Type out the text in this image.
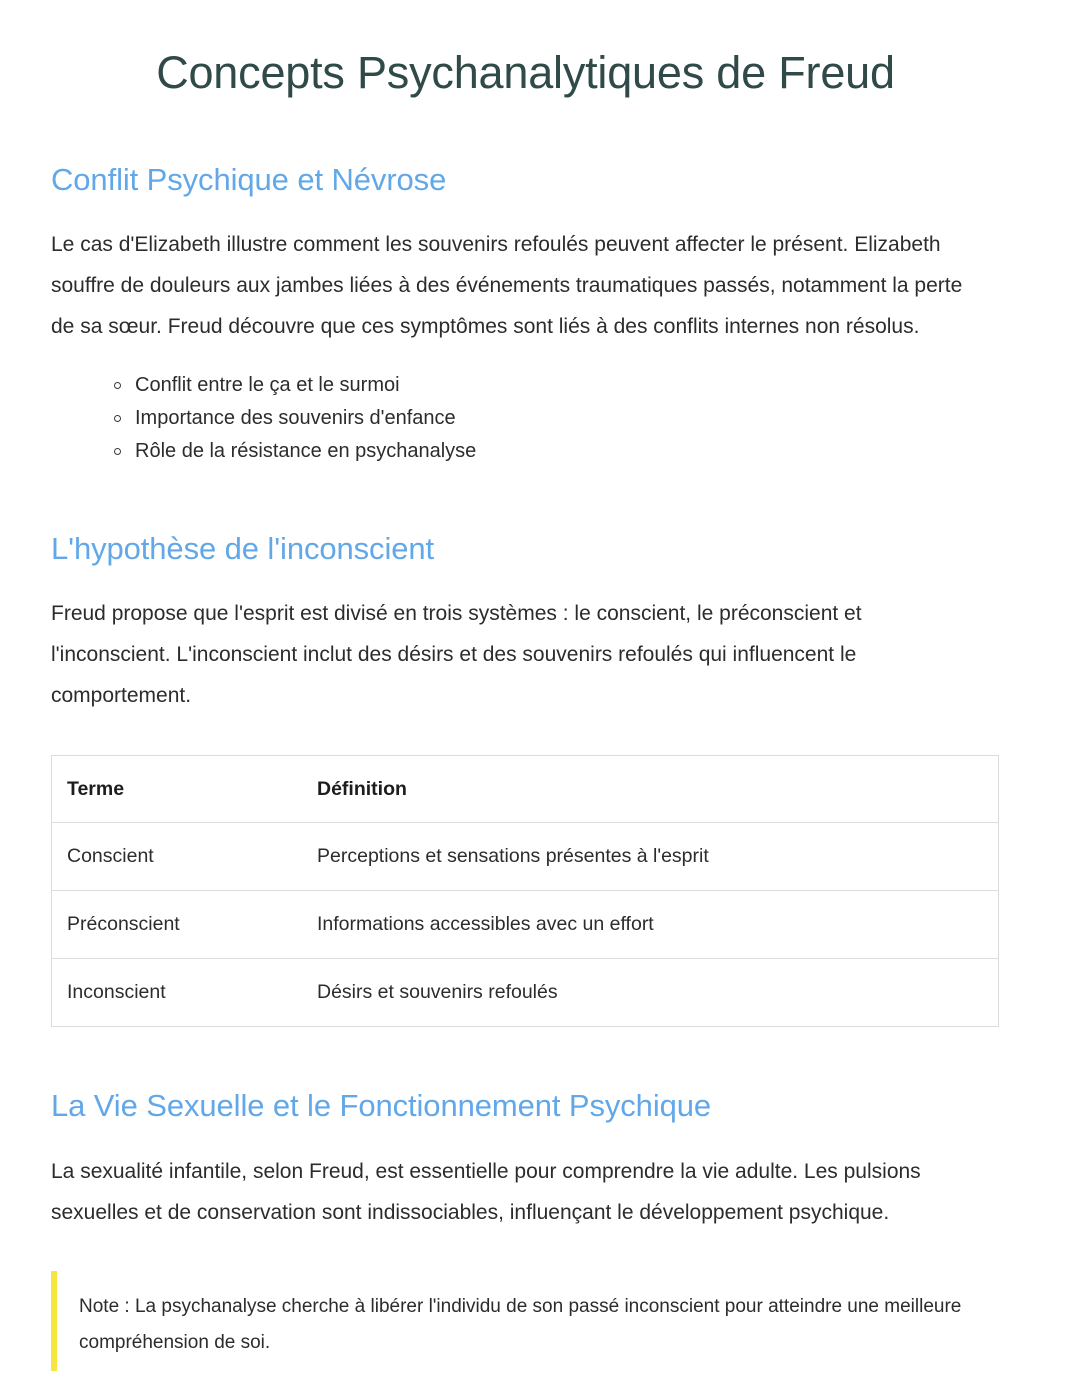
Concepts Psychanalytiques de Freud
Conflit Psychique et Névrose

Le cas d'Elizabeth illustre comment les souvenirs refoulés peuvent affecter le présent. Elizabeth souffre de douleurs aux jambes liées à des événements traumatiques passés, notamment la perte de sa sœur. Freud découvre que ces symptômes sont liés à des conflits internes non résolus.

Conflit entre le ça et le surmoi
Importance des souvenirs d'enfance
Rôle de la résistance en psychanalyse
L'hypothèse de l'inconscient

Freud propose que l'esprit est divisé en trois systèmes : le conscient, le préconscient et l'inconscient. L'inconscient inclut des désirs et des souvenirs refoulés qui influencent le comportement.

Terme	Définition
Conscient	Perceptions et sensations présentes à l'esprit
Préconscient	Informations accessibles avec un effort
Inconscient	Désirs et souvenirs refoulés
La Vie Sexuelle et le Fonctionnement Psychique

La sexualité infantile, selon Freud, est essentielle pour comprendre la vie adulte. Les pulsions sexuelles et de conservation sont indissociables, influençant le développement psychique.

Note : La psychanalyse cherche à libérer l'individu de son passé inconscient pour atteindre une meilleure compréhension de soi.
